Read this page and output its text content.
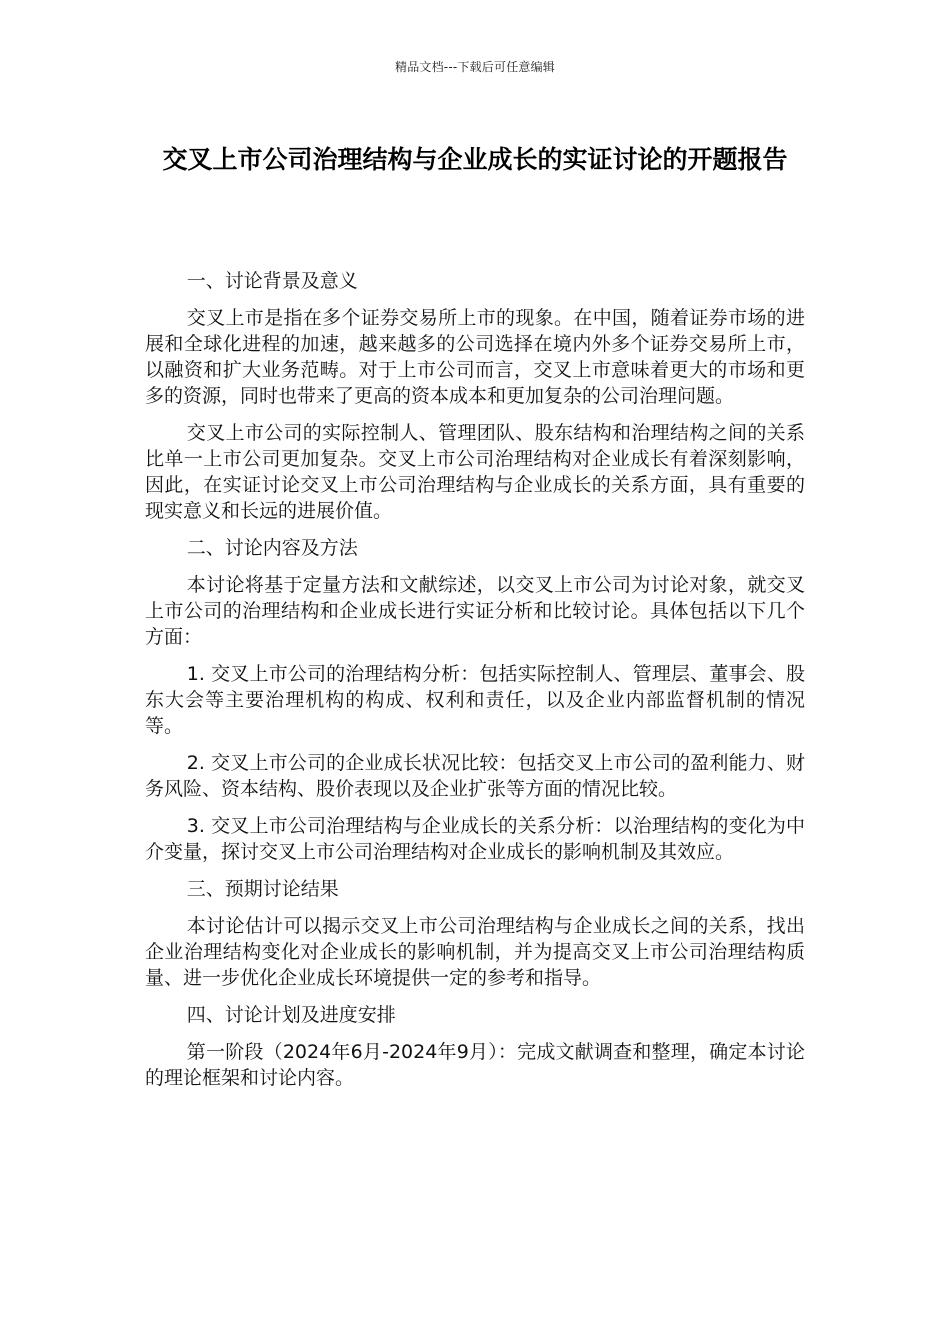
精品文档---下载后可任意编辑
交叉上市公司治理结构与企业成长的实证讨论的开题报告

一、讨论背景及意义

交叉上市是指在多个证券交易所上市的现象。在中国，随着证券市场的进展和全球化进程的加速，越来越多的公司选择在境内外多个证券交易所上市，以融资和扩大业务范畴。对于上市公司而言，交叉上市意味着更大的市场和更多的资源，同时也带来了更高的资本成本和更加复杂的公司治理问题。

交叉上市公司的实际控制人、管理团队、股东结构和治理结构之间的关系比单一上市公司更加复杂。交叉上市公司治理结构对企业成长有着深刻影响，因此，在实证讨论交叉上市公司治理结构与企业成长的关系方面，具有重要的现实意义和长远的进展价值。

二、讨论内容及方法

本讨论将基于定量方法和文献综述，以交叉上市公司为讨论对象，就交叉上市公司的治理结构和企业成长进行实证分析和比较讨论。具体包括以下几个方面：

1. 交叉上市公司的治理结构分析：包括实际控制人、管理层、董事会、股东大会等主要治理机构的构成、权利和责任，以及企业内部监督机制的情况等。

2. 交叉上市公司的企业成长状况比较：包括交叉上市公司的盈利能力、财务风险、资本结构、股价表现以及企业扩张等方面的情况比较。

3. 交叉上市公司治理结构与企业成长的关系分析：以治理结构的变化为中介变量，探讨交叉上市公司治理结构对企业成长的影响机制及其效应。

三、预期讨论结果

本讨论估计可以揭示交叉上市公司治理结构与企业成长之间的关系，找出企业治理结构变化对企业成长的影响机制，并为提高交叉上市公司治理结构质量、进一步优化企业成长环境提供一定的参考和指导。

四、讨论计划及进度安排

第一阶段（2024年6月-2024年9月）：完成文献调查和整理，确定本讨论的理论框架和讨论内容。
